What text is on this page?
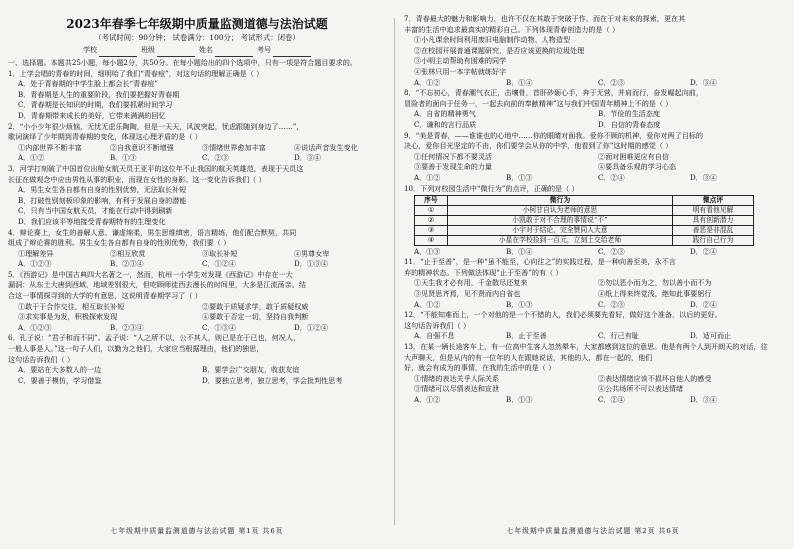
2023年春季七年级期中质量监测道德与法治试题
（考试时间：90分钟； 试卷满分：100分； 考试形式：闭卷）
学校	班级	姓名	考号
一、选择题。本题共25小题，每小题2分，共50分。在每小题给出的四个选项中，只有一项是符合题目要求的。
1．上学会唱的青春的时间，细明哈了我们“青春痘”，对这句话的理解正确是（ ）
A．处于青春期的中学生脸上都会长“青春痘”
B．青春期是人生的重要阶段，我们要把握好青春期
C．青春期是长知识的时期，我们要抓紧时间学习
D．青春期带来成长的美好，它带来满满的回忆
2．“小小少年很少烦恼，无忧无虑乐陶陶，但是一天天，风波突起，忧虑跟随到身边了……”，
歌词演绎了少年期到青春期的变化，体现这心理矛盾的是（ ）
①内部世界不断丰富	②自我意识不断增强	③情绪世界愈加丰富	④说话声音发生变化
A．①②	B．①③	C．②③	D．③④
3．河学打刻破了中国首位出舱女航天员王亚平的这位年不止我国的航天英雄范，表现于天员这
长征在做观念中应由男性从事的职业，而现在女性的身影。这一变化告诉我们（ ）
A．男生女生各自都有自身的性别优势，无法取长补短
B．打破性别刻板印象的影响，有利于发展自身的潜能
C．只有当中国女航天员，才能在行动中得到刷新
D．我们应该平等地接受青春期特有的生理变化
4．辩论赛上，女生的善解人意、谦虚绵柔，男生思维缜密，语言精练，他们配合默契，共同
组成了辩论赛的胜利。男生女生各自都有自身的性别优势，我们要（ ）
①理解差异	②相互欣赏	③取长补短	④男尊女卑
A．①②③	B．②③④	C．①②④	D．①③④
5．《西游记》是中国古典四大名著之一，然而，杭州一小学生对发现《西游记》中存在一大
漏洞：从东土大唐到西域，地域差别很大，但吃顾师徒西去漫长的时间里，大多是江流荡亲。结
合这一事情探寻到的大学的有意思，这说明青春期学习了（ ）
①敢于于合作交往，相互取长补短	②要敢于质疑求学，敢于质疑权威
③求实事是为发，积极探索发现	④要敢于否定一切，坚持自我判断
A．①②③	B．②③④	C．①③④	D．①②④
6．孔子说：“君子和而不同”。孟子说：“人之所不以，公不其人，则已是在于已也，何况人，
一般人事是人。”这一句子人们，以勤为之他们，大家应当根据理由，他们的独思，
这句话告诉我们（ ）
A．要站在大多数人的一边	B．要学会广交朋友，收获友谊
C．要善于模仿，学习借鉴	D．要独立思考，独立思考，学会批判性思考
七年级期中质量监测道德与法治试题 第1页 共6页
7．青春最大的魅力和影响力，也许不仅在其敢于突破于作，而在于对未来的探索，更在其
丰富的生活中追求最真实的精彩自己。下列体现青春创造力的是（ ）
①小凡课余时间利用废旧电脑制作动物、人物造型
②在校园开展普通课题研究，是否应该更换的垃圾处理
③小明主动帮助有困难的同学
④张林只用一本字帖就练好字
A．①②	B．①④	C．②③	D．③④
8．“不忘初心，青春潮气衣正，击壤骨，首肝砂砺心手，奔于无营，并肩而行，奋发崛起向前，
冒险者的面向于任务一，一起去向前的奉献精神”这与我们中国青年精神上不的是（ ）
A．自省的精神勇气	B．节俭的生活态度
C．谦和的言行品质	D．自信的青春态度
9．“美是青春，——谁谁也的心地中……你的眼睛对面我。爱你不顾的机神，爱你对两了目标的
决心，爱你目光坚定的不由，你们要学会从你的中学，他看到了你”这时期的感觉（ ）
①任何情况下都不要灵活	②面对困难更应有自信
③要善于发现生命的力量	④要具备乐观的学习心态
A．①②	B．①③	C．②④	D．③④
10．下列对校园生活中“微行为”的点评，正确的是（ ）
序号	微行为	微点评
①	小柯甘自认为老师的意思	明有看他见解
②	小凯敢于对不合理的事情说“不”	具有创新潜力
③	小宇对于结论，完全赞同人大意	善恶是非混乱
④	小星在学校捡到一百元，立刻上交给老师	践行自己行为
A．①③	B．①④	C．②③	D．②④
11．“止于至善”，是一种“虽不能至，心向往之”的实践过程，是一种向善至美，永不言
弃的精神状态。下列做法体现“止于至善”的有（ ）
①天生我才必有用，千金散尽还复来	②勿以恶小而为之，勿以善小而不为
③见贤思齐焉，见不贤而内自省也	④纸上得来终觉浅，绝知此事要躬行
A．①②	B．①③	C．②③	D．②④
12．“不能知难而上，一个对他的是一个不错的人，我们必须要先看好，做好这个准备，以后的更好。
这句话告诉我们（ ）
A．自强不息	B．止于至善	C．行己有耻	D．适可而止
13．在某一辆长途客车上，有一位高中生客人忽然晕车，大家都感到这位的意思。他是有两个人到开朗天的对话，往
大声聊天，但是从内的有一位年的人在跟她说话，其他的人，都在一起的，他们
好，就会有成为的事情，在我的生活中的是（ ）
①情绪的表达关乎人际关系	②表达情绪应该不损坏自他人的感受
③情绪可以尽情表达和宣泄	④公共场所不可以表达情绪
A．①②	B．①③	C．②④	D．③④
七年级期中质量监测道德与法治试题 第2页 共6页
